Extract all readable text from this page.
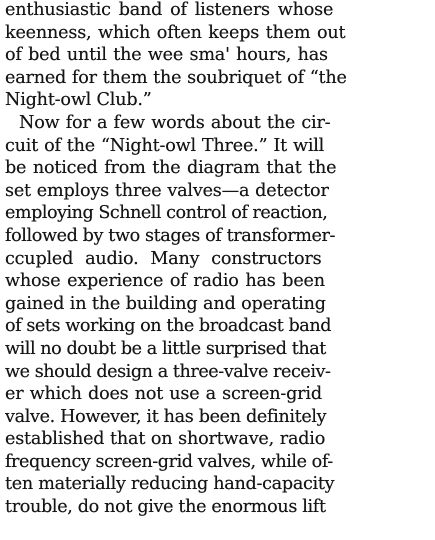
enthusiastic band of listeners whose
keenness, which often keeps them out
of bed until the wee sma' hours, has
earned for them the soubriquet of “the
Night-owl Club.”
Now for a few words about the cir-
cuit of the “Night-owl Three.” It will
be noticed from the diagram that the
set employs three valves—a detector
employing Schnell control of reaction,
followed by two stages of transformer-
ccupled audio. Many constructors
whose experience of radio has been
gained in the building and operating
of sets working on the broadcast band
will no doubt be a little surprised that
we should design a three-valve receiv-
er which does not use a screen-grid
valve. However, it has been definitely
established that on shortwave, radio
frequency screen-grid valves, while of-
ten materially reducing hand-capacity
trouble, do not give the enormous lift
